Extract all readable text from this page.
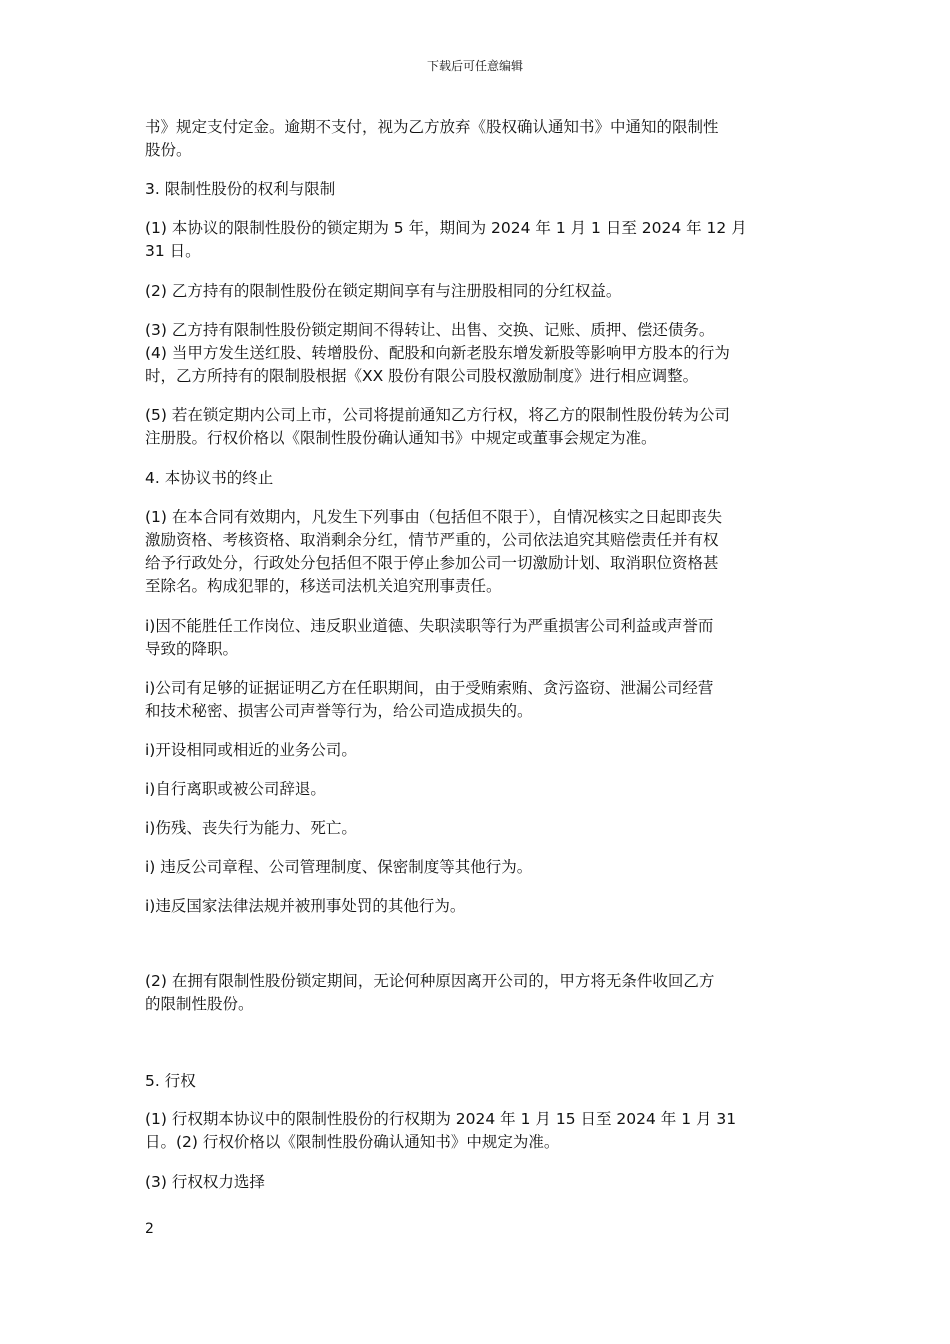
下载后可任意编辑
书》规定支付定金。逾期不支付，视为乙方放弃《股权确认通知书》中通知的限制性
股份。
3. 限制性股份的权利与限制
(1) 本协议的限制性股份的锁定期为 5 年，期间为 2024 年 1 月 1 日至 2024 年 12 月
31 日。
(2) 乙方持有的限制性股份在锁定期间享有与注册股相同的分红权益。
(3) 乙方持有限制性股份锁定期间不得转让、出售、交换、记账、质押、偿还债务。
(4) 当甲方发生送红股、转增股份、配股和向新老股东增发新股等影响甲方股本的行为
时，乙方所持有的限制股根据《XX 股份有限公司股权激励制度》进行相应调整。
(5) 若在锁定期内公司上市，公司将提前通知乙方行权，将乙方的限制性股份转为公司
注册股。行权价格以《限制性股份确认通知书》中规定或董事会规定为准。
4. 本协议书的终止
(1) 在本合同有效期内，凡发生下列事由（包括但不限于），自情况核实之日起即丧失
激励资格、考核资格、取消剩余分红，情节严重的，公司依法追究其赔偿责任并有权
给予行政处分，行政处分包括但不限于停止参加公司一切激励计划、取消职位资格甚
至除名。构成犯罪的，移送司法机关追究刑事责任。
i)因不能胜任工作岗位、违反职业道德、失职渎职等行为严重损害公司利益或声誉而
导致的降职。
i)公司有足够的证据证明乙方在任职期间，由于受贿索贿、贪污盗窃、泄漏公司经营
和技术秘密、损害公司声誉等行为，给公司造成损失的。
i)开设相同或相近的业务公司。
i)自行离职或被公司辞退。
i)伤残、丧失行为能力、死亡。
i) 违反公司章程、公司管理制度、保密制度等其他行为。
i)违反国家法律法规并被刑事处罚的其他行为。
(2) 在拥有限制性股份锁定期间，无论何种原因离开公司的，甲方将无条件收回乙方
的限制性股份。
5. 行权
(1) 行权期本协议中的限制性股份的行权期为 2024 年 1 月 15 日至 2024 年 1 月 31
日。(2) 行权价格以《限制性股份确认通知书》中规定为准。
(3) 行权权力选择
2
